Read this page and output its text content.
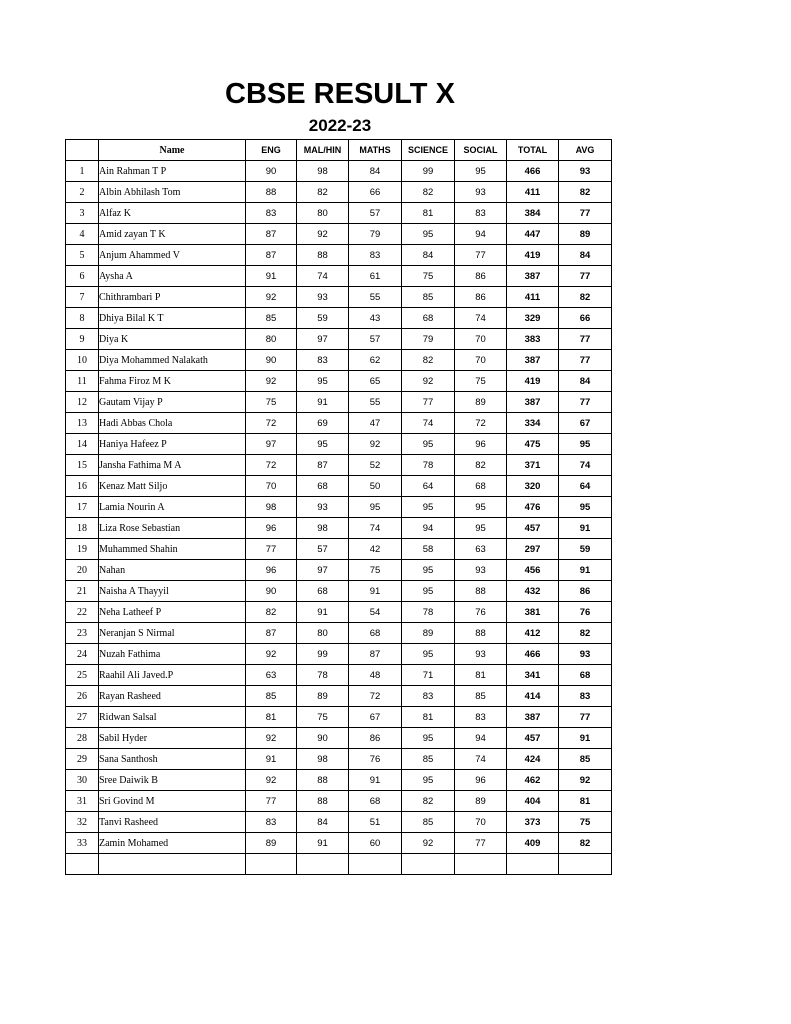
CBSE RESULT X
2022-23
	Name	ENG	MAL/HIN	MATHS	SCIENCE	SOCIAL	TOTAL	AVG
1	Ain Rahman T P	90	98	84	99	95	466	93
2	Albin Abhilash Tom	88	82	66	82	93	411	82
3	Alfaz K	83	80	57	81	83	384	77
4	Amid zayan T K	87	92	79	95	94	447	89
5	Anjum Ahammed V	87	88	83	84	77	419	84
6	Aysha A	91	74	61	75	86	387	77
7	Chithrambari P	92	93	55	85	86	411	82
8	Dhiya Bilal K T	85	59	43	68	74	329	66
9	Diya K	80	97	57	79	70	383	77
10	Diya Mohammed Nalakath	90	83	62	82	70	387	77
11	Fahma Firoz M K	92	95	65	92	75	419	84
12	Gautam Vijay P	75	91	55	77	89	387	77
13	Hadi Abbas Chola	72	69	47	74	72	334	67
14	Haniya Hafeez P	97	95	92	95	96	475	95
15	Jansha Fathima M A	72	87	52	78	82	371	74
16	Kenaz Matt Siljo	70	68	50	64	68	320	64
17	Lamia Nourin A	98	93	95	95	95	476	95
18	Liza Rose Sebastian	96	98	74	94	95	457	91
19	Muhammed Shahin	77	57	42	58	63	297	59
20	Nahan	96	97	75	95	93	456	91
21	Naisha A Thayyil	90	68	91	95	88	432	86
22	Neha Latheef P	82	91	54	78	76	381	76
23	Neranjan S Nirmal	87	80	68	89	88	412	82
24	Nuzah Fathima	92	99	87	95	93	466	93
25	Raahil Ali Javed.P	63	78	48	71	81	341	68
26	Rayan Rasheed	85	89	72	83	85	414	83
27	Ridwan Salsal	81	75	67	81	83	387	77
28	Sabil Hyder	92	90	86	95	94	457	91
29	Sana Santhosh	91	98	76	85	74	424	85
30	Sree Daiwik B	92	88	91	95	96	462	92
31	Sri Govind M	77	88	68	82	89	404	81
32	Tanvi Rasheed	83	84	51	85	70	373	75
33	Zamin Mohamed	89	91	60	92	77	409	82
